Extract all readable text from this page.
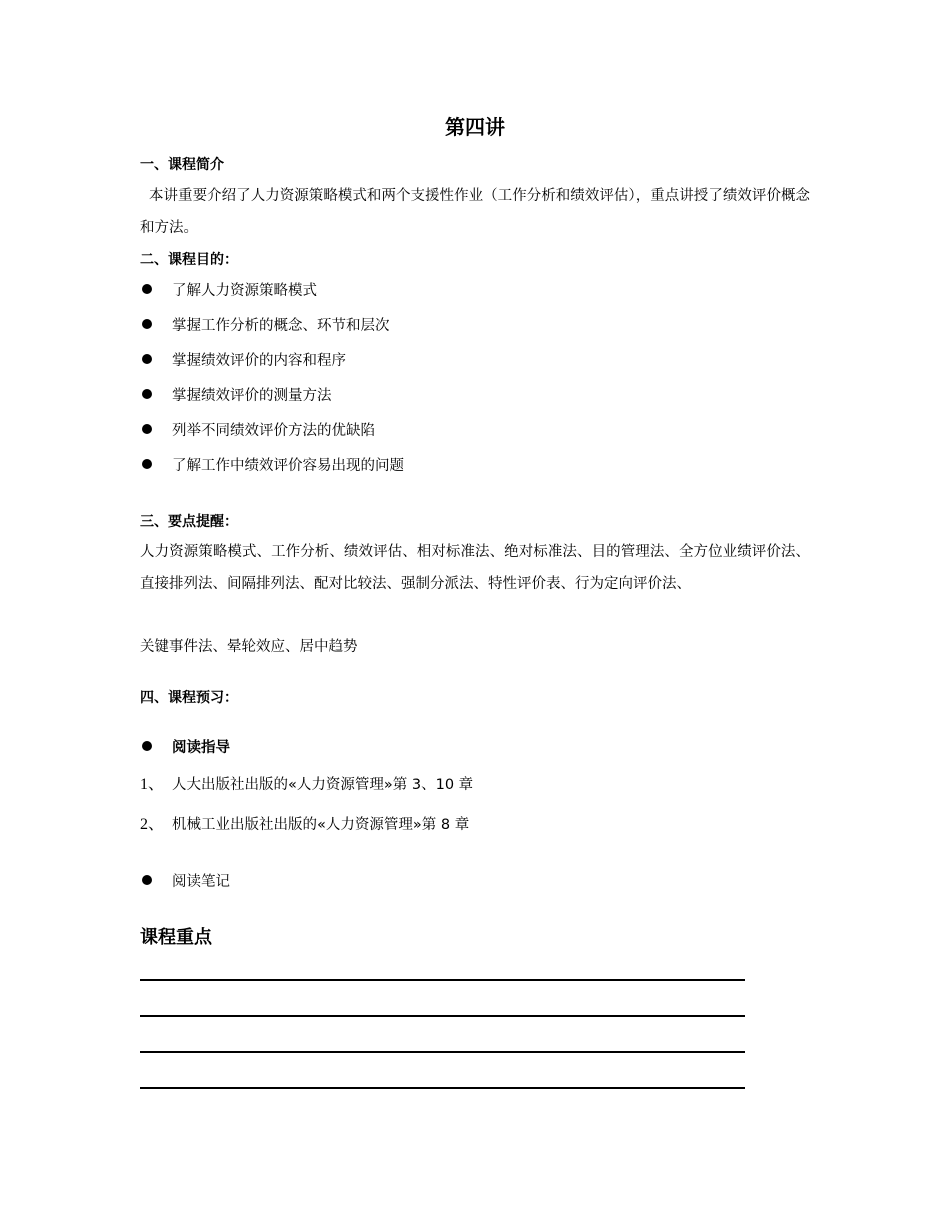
第四讲
一、课程简介
本讲重要介绍了人力资源策略模式和两个支援性作业（工作分析和绩效评估），重点讲授了绩效评价概念和方法。
二、课程目的：
了解人力资源策略模式
掌握工作分析的概念、环节和层次
掌握绩效评价的内容和程序
掌握绩效评价的测量方法
列举不同绩效评价方法的优缺陷
了解工作中绩效评价容易出现的问题
三、要点提醒：
人力资源策略模式、工作分析、绩效评估、相对标准法、绝对标准法、目的管理法、全方位业绩评价法、直接排列法、间隔排列法、配对比较法、强制分派法、特性评价表、行为定向评价法、
关键事件法、晕轮效应、居中趋势
四、课程预习：
阅读指导
1、 人大出版社出版的«人力资源管理»第 3、10 章
2、 机械工业出版社出版的«人力资源管理»第 8 章
阅读笔记
课程重点
